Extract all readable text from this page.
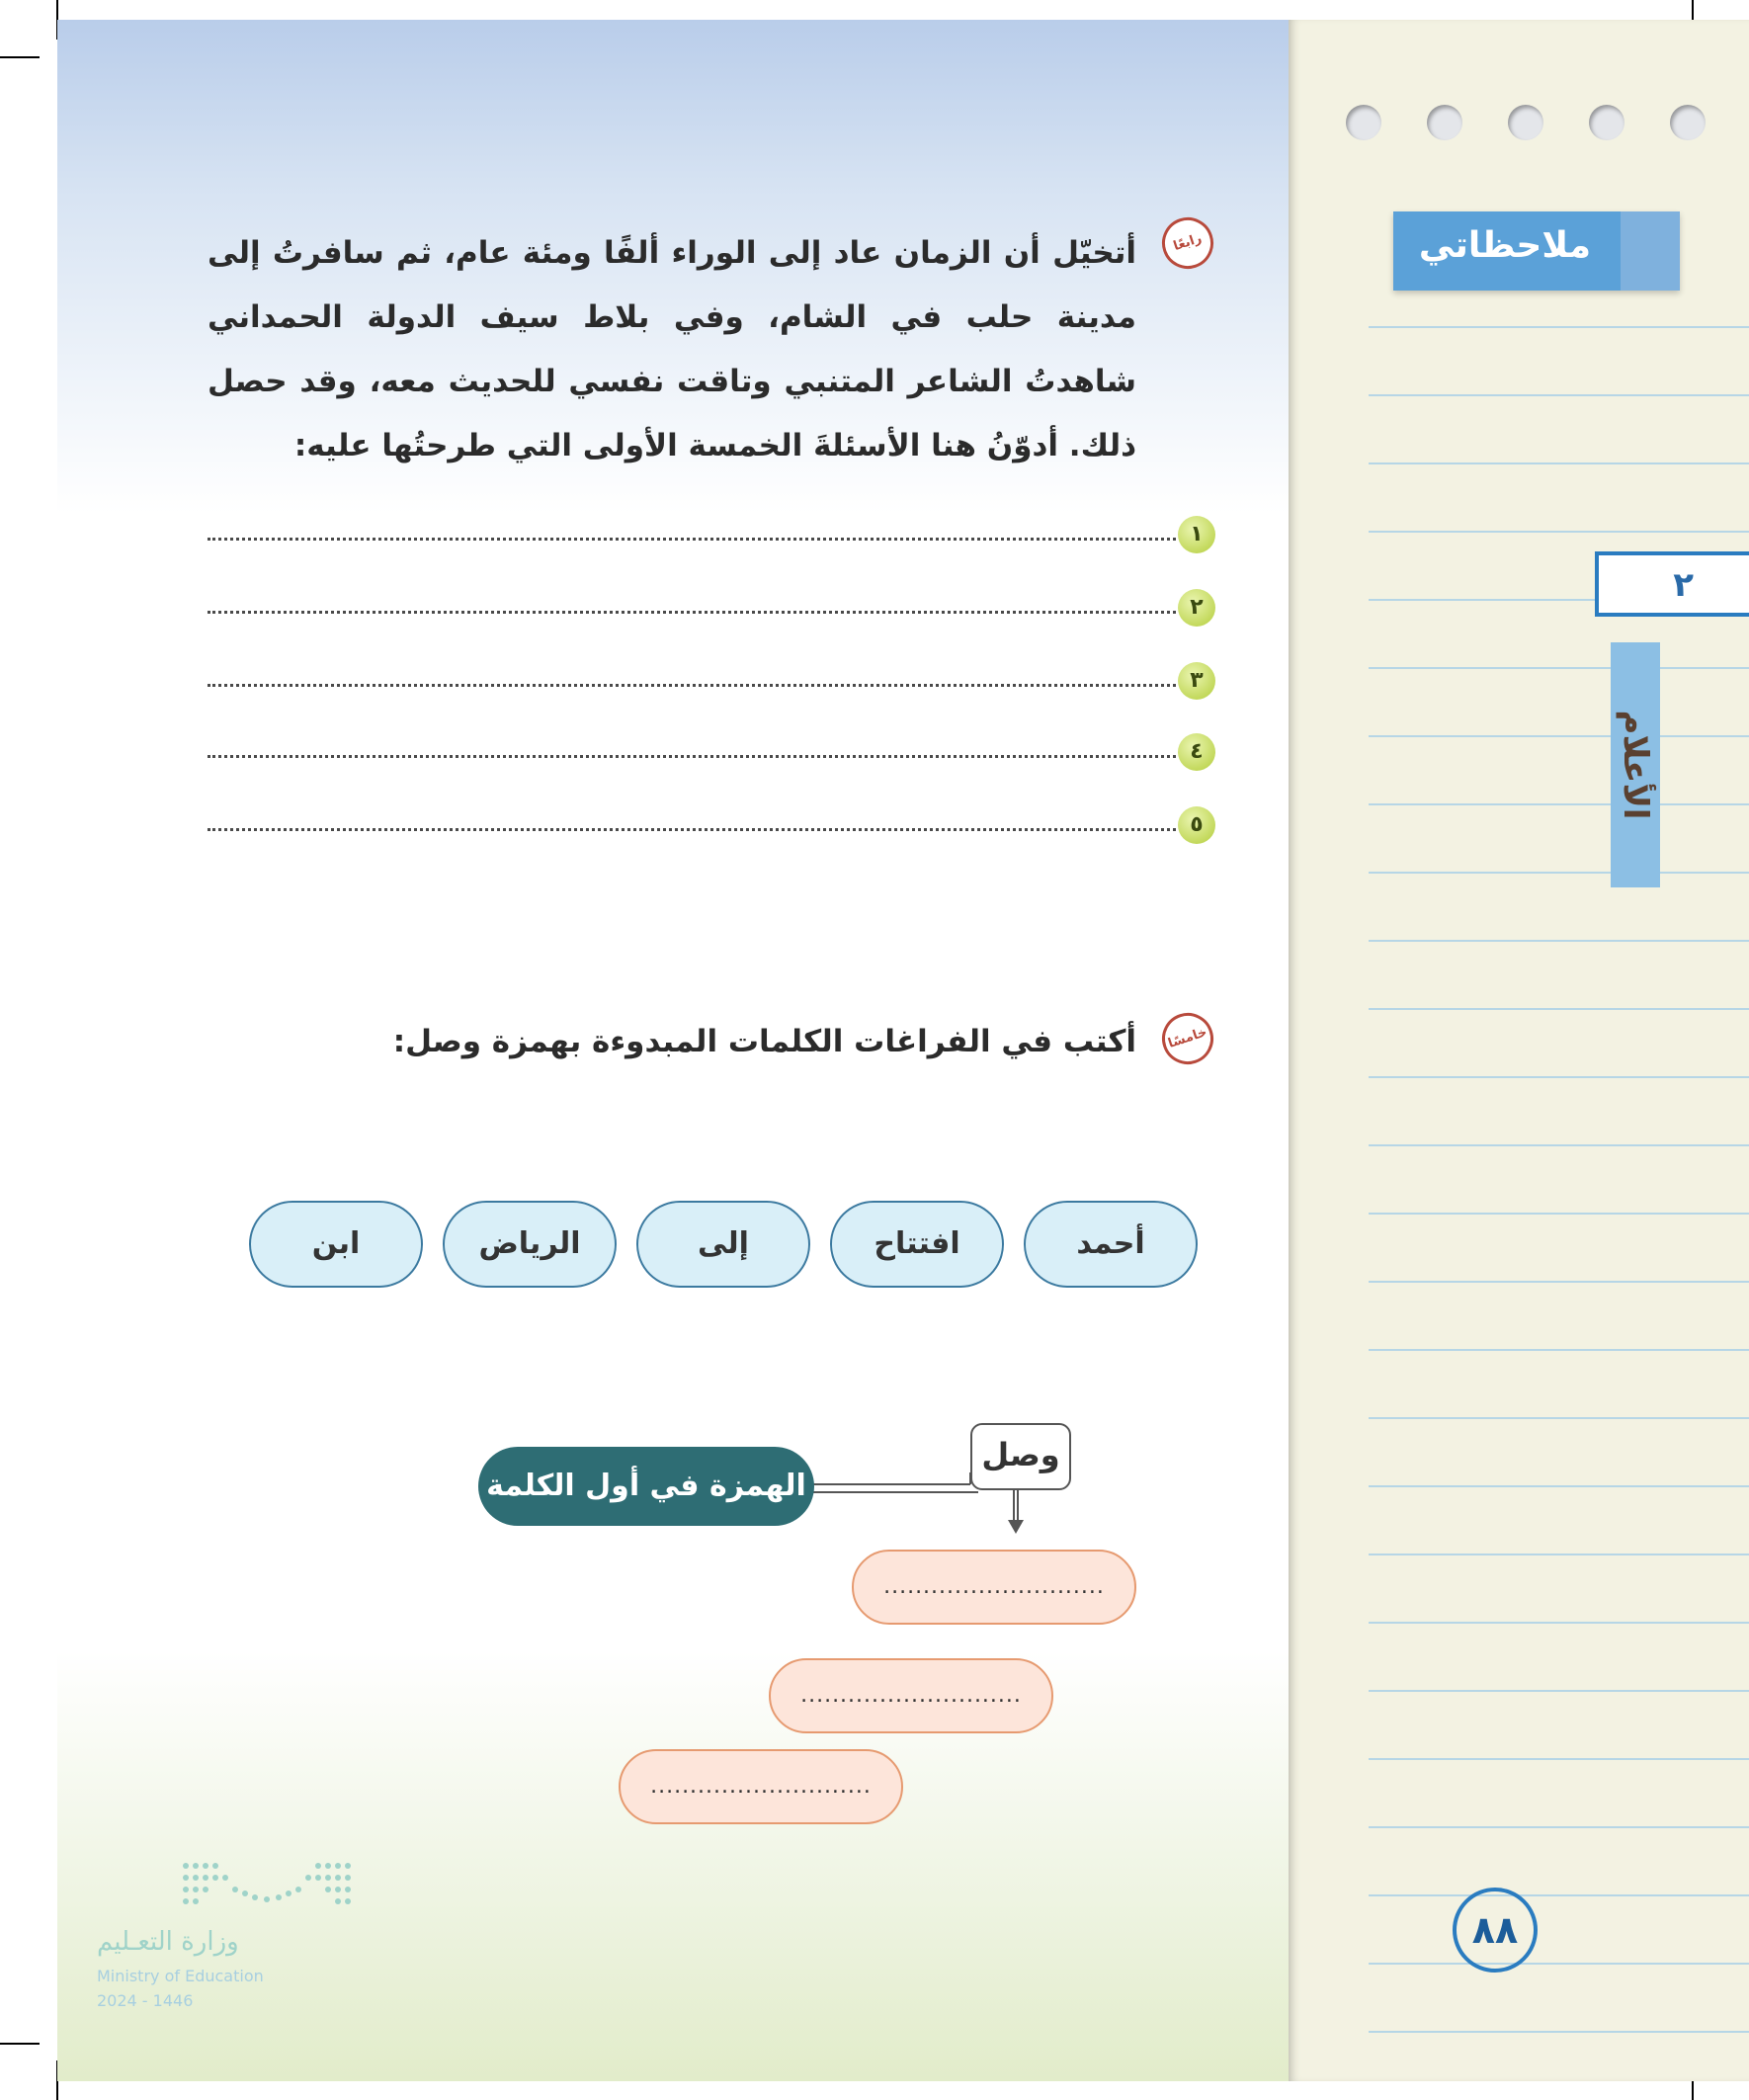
ملاحظاتي
٢
الأعلام
٨٨
رابعًا
أتخيّل أن الزمان عاد إلى الوراء ألفًا ومئة عام، ثم سافرتُ إلى مدينة حلب في الشام، وفي بلاط سيف الدولة الحمداني شاهدتُ الشاعر المتنبي وتاقت نفسي للحديث معه، وقد حصل ذلك. أدوّنُ هنا الأسئلةَ الخمسة الأولى التي طرحتُها عليه:
١
٢
٣
٤
٥
خامسًا
أكتب في الفراغات الكلمات المبدوءة بهمزة وصل:
أحمد
افتتاح
إلى
الرياض
ابن
الهمزة في أول الكلمة
وصل
............................
............................
............................
وزارة التعـليم
Ministry of Education
2024 - 1446
